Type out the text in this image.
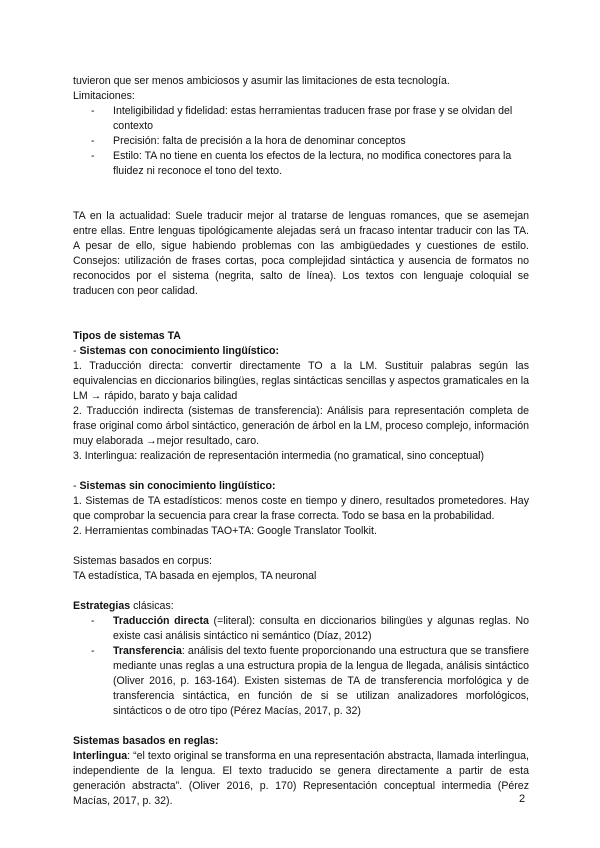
tuvieron que ser menos ambiciosos y asumir las limitaciones de esta tecnología.

Limitaciones:

- Inteligibilidad y fidelidad: estas herramientas traducen frase por frase y se olvidan del contexto
- Precisión: falta de precisión a la hora de denominar conceptos
- Estilo: TA no tiene en cuenta los efectos de la lectura, no modifica conectores para la fluidez ni reconoce el tono del texto.

TA en la actualidad: Suele traducir mejor al tratarse de lenguas romances, que se asemejan entre ellas. Entre lenguas tipológicamente alejadas será un fracaso intentar traducir con las TA. A pesar de ello, sigue habiendo problemas con las ambigüedades y cuestiones de estilo. Consejos: utilización de frases cortas, poca complejidad sintáctica y ausencia de formatos no reconocidos por el sistema (negrita, salto de línea). Los textos con lenguaje coloquial se traducen con peor calidad.

Tipos de sistemas TA

- Sistemas con conocimiento lingüístico:

1. Traducción directa: convertir directamente TO a la LM. Sustituir palabras según las equivalencias en diccionarios bilingües, reglas sintácticas sencillas y aspectos gramaticales en la LM → rápido, barato y baja calidad

2. Traducción indirecta (sistemas de transferencia): Análisis para representación completa de frase original como árbol sintáctico, generación de árbol en la LM, proceso complejo, información muy elaborada →mejor resultado, caro.

3. Interlingua: realización de representación intermedia (no gramatical, sino conceptual)

- Sistemas sin conocimiento lingüístico:

1. Sistemas de TA estadísticos: menos coste en tiempo y dinero, resultados prometedores. Hay que comprobar la secuencia para crear la frase correcta. Todo se basa en la probabilidad.

2. Herramientas combinadas TAO+TA: Google Translator Toolkit.

Sistemas basados en corpus:

TA estadística, TA basada en ejemplos, TA neuronal

Estrategias clásicas:

- Traducción directa (=literal): consulta en diccionarios bilingües y algunas reglas. No existe casi análisis sintáctico ni semántico (Díaz, 2012)
- Transferencia: análisis del texto fuente proporcionando una estructura que se transfiere mediante unas reglas a una estructura propia de la lengua de llegada, análisis sintáctico (Oliver 2016, p. 163-164). Existen sistemas de TA de transferencia morfológica y de transferencia sintáctica, en función de si se utilizan analizadores morfológicos, sintácticos o de otro tipo (Pérez Macías, 2017, p. 32)

Sistemas basados en reglas:

Interlingua: “el texto original se transforma en una representación abstracta, llamada interlingua, independiente de la lengua. El texto traducido se genera directamente a partir de esta generación abstracta”. (Oliver 2016, p. 170) Representación conceptual intermedia (Pérez Macías, 2017, p. 32).	2
